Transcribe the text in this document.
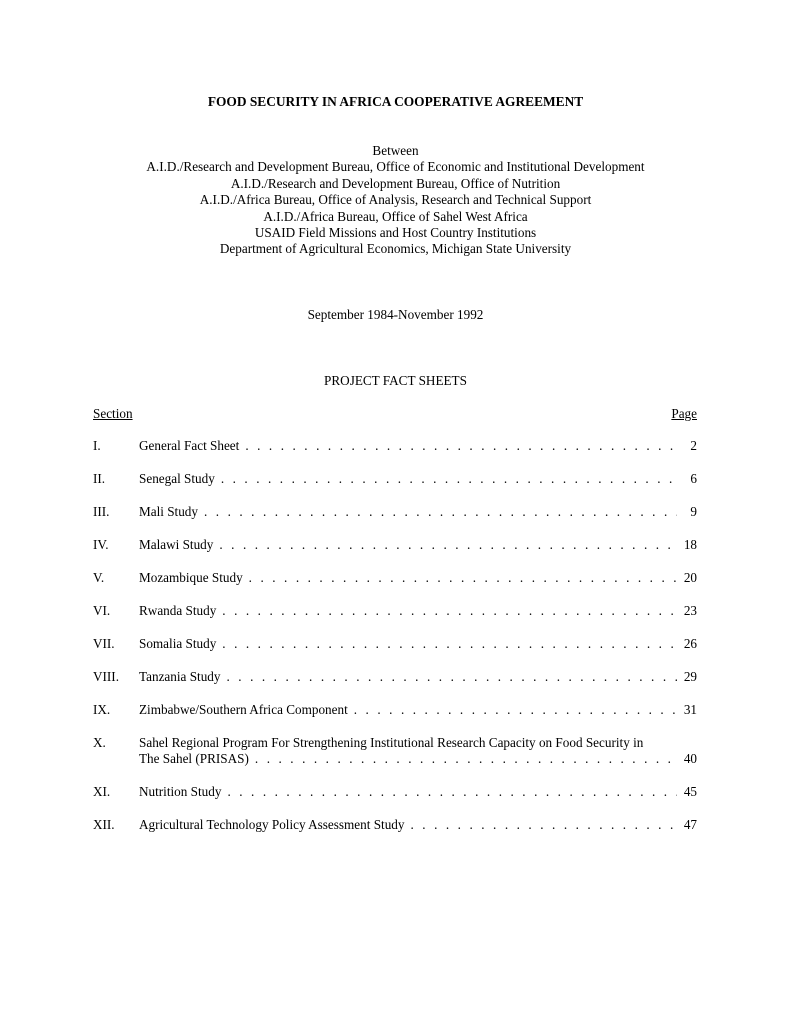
FOOD SECURITY IN AFRICA COOPERATIVE AGREEMENT
Between
A.I.D./Research and Development Bureau, Office of Economic and Institutional Development
A.I.D./Research and Development Bureau, Office of Nutrition
A.I.D./Africa Bureau, Office of Analysis, Research and Technical Support
A.I.D./Africa Bureau, Office of Sahel West Africa
USAID Field Missions and Host Country Institutions
Department of Agricultural Economics, Michigan State University
September 1984-November 1992
PROJECT FACT SHEETS
Section	Page
I.	General Fact Sheet . . .	2
II.	Senegal Study . . .	6
III. Mali Study . . .	9
IV. Malawi Study . . .	18
V.	Mozambique Study . . .	20
VI. Rwanda Study . . .	23
VII. Somalia Study . . .	26
VIII. Tanzania Study . . .	29
IX. Zimbabwe/Southern Africa Component . . .	31
X.	Sahel Regional Program For Strengthening Institutional Research Capacity on Food Security in
The Sahel (PRISAS) . . .	40
XI. Nutrition Study . . .	45
XII. Agricultural Technology Policy Assessment Study . . .	47
